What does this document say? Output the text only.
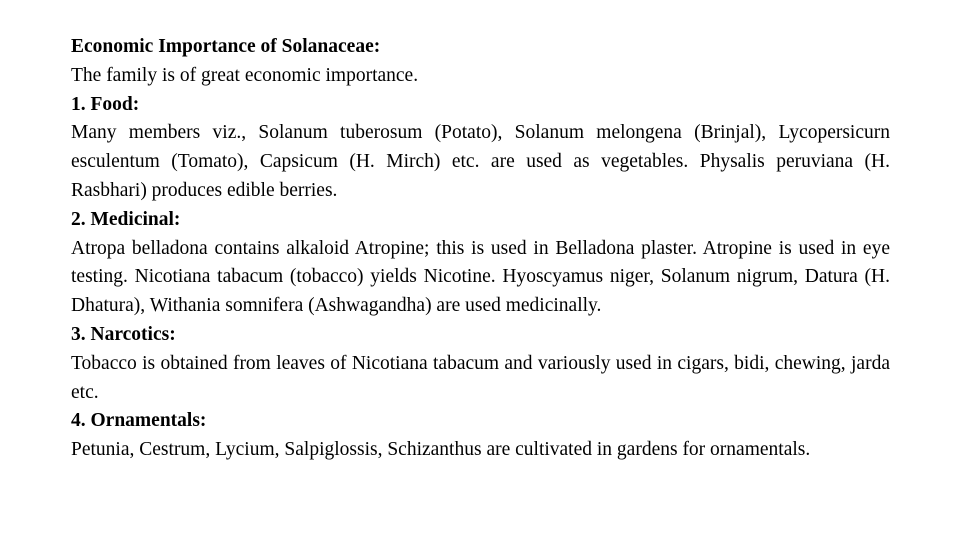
Economic Importance of Solanaceae:
The family is of great economic importance.
1. Food:
Many members viz., Solanum tuberosum (Potato), Solanum melongena (Brinjal), Lycopersicurn esculentum (Tomato), Capsicum (H. Mirch) etc. are used as vegetables. Physalis peruviana (H. Rasbhari) produces edible berries.
2. Medicinal:
Atropa belladona contains alkaloid Atropine; this is used in Belladona plaster. Atropine is used in eye testing. Nicotiana tabacum (tobacco) yields Nicotine. Hyoscyamus niger, Solanum nigrum, Datura (H. Dhatura), Withania somnifera (Ashwagandha) are used medicinally.
3. Narcotics:
Tobacco is obtained from leaves of Nicotiana tabacum and variously used in cigars, bidi, chewing, jarda etc.
4. Ornamentals:
Petunia, Cestrum, Lycium, Salpiglossis, Schizanthus are cultivated in gardens for ornamentals.
